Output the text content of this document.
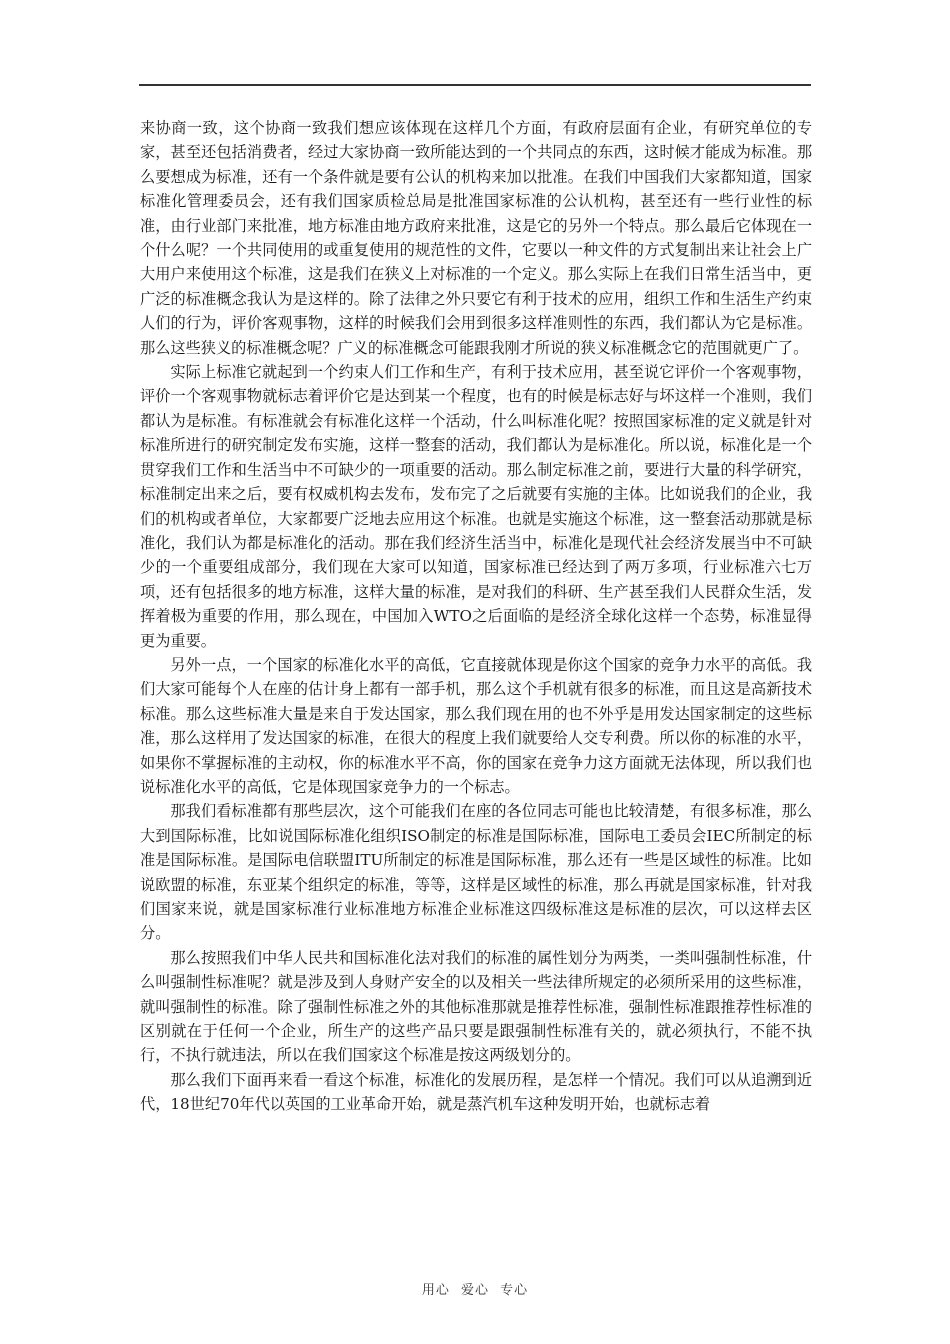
来协商一致，这个协商一致我们想应该体现在这样几个方面，有政府层面有企业，有研究单位的专家，甚至还包括消费者，经过大家协商一致所能达到的一个共同点的东西，这时候才能成为标准。那么要想成为标准，还有一个条件就是要有公认的机构来加以批准。在我们中国我们大家都知道，国家标准化管理委员会，还有我们国家质检总局是批准国家标准的公认机构，甚至还有一些行业性的标准，由行业部门来批准，地方标准由地方政府来批准，这是它的另外一个特点。那么最后它体现在一个什么呢？一个共同使用的或重复使用的规范性的文件，它要以一种文件的方式复制出来让社会上广大用户来使用这个标准，这是我们在狭义上对标准的一个定义。那么实际上在我们日常生活当中，更广泛的标准概念我认为是这样的。除了法律之外只要它有利于技术的应用，组织工作和生活生产约束人们的行为，评价客观事物，这样的时候我们会用到很多这样准则性的东西，我们都认为它是标准。那么这些狭义的标准概念呢？广义的标准概念可能跟我刚才所说的狭义标准概念它的范围就更广了。

实际上标准它就起到一个约束人们工作和生产，有利于技术应用，甚至说它评价一个客观事物，评价一个客观事物就标志着评价它是达到某一个程度，也有的时候是标志好与坏这样一个准则，我们都认为是标准。有标准就会有标准化这样一个活动，什么叫标准化呢？按照国家标准的定义就是针对标准所进行的研究制定发布实施，这样一整套的活动，我们都认为是标准化。所以说，标准化是一个贯穿我们工作和生活当中不可缺少的一项重要的活动。那么制定标准之前，要进行大量的科学研究，标准制定出来之后，要有权威机构去发布，发布完了之后就要有实施的主体。比如说我们的企业，我们的机构或者单位，大家都要广泛地去应用这个标准。也就是实施这个标准，这一整套活动那就是标准化，我们认为都是标准化的活动。那在我们经济生活当中，标准化是现代社会经济发展当中不可缺少的一个重要组成部分，我们现在大家可以知道，国家标准已经达到了两万多项，行业标准六七万项，还有包括很多的地方标准，这样大量的标准，是对我们的科研、生产甚至我们人民群众生活，发挥着极为重要的作用，那么现在，中国加入WTO之后面临的是经济全球化这样一个态势，标准显得更为重要。

另外一点，一个国家的标准化水平的高低，它直接就体现是你这个国家的竞争力水平的高低。我们大家可能每个人在座的估计身上都有一部手机，那么这个手机就有很多的标准，而且这是高新技术标准。那么这些标准大量是来自于发达国家，那么我们现在用的也不外乎是用发达国家制定的这些标准，那么这样用了发达国家的标准，在很大的程度上我们就要给人交专利费。所以你的标准的水平，如果你不掌握标准的主动权，你的标准水平不高，你的国家在竞争力这方面就无法体现，所以我们也说标准化水平的高低，它是体现国家竞争力的一个标志。

那我们看标准都有那些层次，这个可能我们在座的各位同志可能也比较清楚，有很多标准，那么大到国际标准，比如说国际标准化组织ISO制定的标准是国际标准，国际电工委员会IEC所制定的标准是国际标准。是国际电信联盟ITU所制定的标准是国际标准，那么还有一些是区域性的标准。比如说欧盟的标准，东亚某个组织定的标准，等等，这样是区域性的标准，那么再就是国家标准，针对我们国家来说，就是国家标准行业标准地方标准企业标准这四级标准这是标准的层次，可以这样去区分。

那么按照我们中华人民共和国标准化法对我们的标准的属性划分为两类，一类叫强制性标准，什么叫强制性标准呢？就是涉及到人身财产安全的以及相关一些法律所规定的必须所采用的这些标准，就叫强制性的标准。除了强制性标准之外的其他标准那就是推荐性标准，强制性标准跟推荐性标准的区别就在于任何一个企业，所生产的这些产品只要是跟强制性标准有关的，就必须执行，不能不执行，不执行就违法，所以在我们国家这个标准是按这两级划分的。

那么我们下面再来看一看这个标准，标准化的发展历程，是怎样一个情况。我们可以从追溯到近代，18世纪70年代以英国的工业革命开始，就是蒸汽机车这种发明开始，也就标志着

用心 爱心 专心
